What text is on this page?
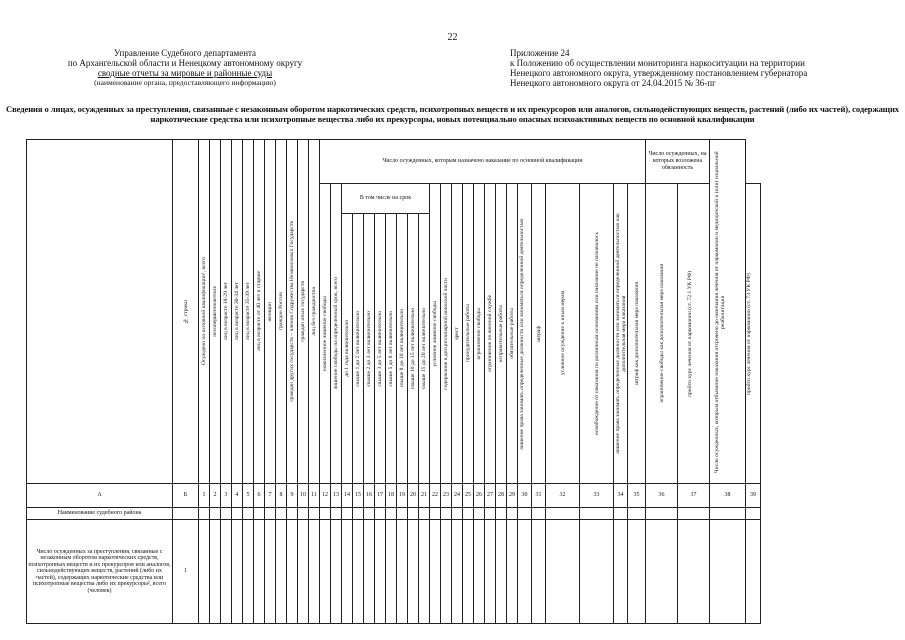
22
Управление Судебного департамента
по Архангельской области и Ненецкому автономному округу
сводные отчеты за мировые и районные суды
(наименование органа, предоставляющего информацию)
Приложение 24
к Положению об осуществлении мониторинга наркоситуации на территории
Ненецкого автономного округа, утвержденному постановлением губернатора
Ненецкого автономного округа от 24.04.2015 № 36-пг
Сведения о лицах, осужденных за преступления, связанные с незаконным оборотом наркотических средств, психотропных веществ и их прекурсоров или аналогов, сильнодействующих веществ, растений (либо их частей), содержащих наркотические средства или психотропные вещества либо их прекурсоры, новых потенциально опасных психоактивных веществ по основной квалификации

	№ строки	Осуждено по основной квалификации¹, всего	несовершеннолетних	лиц в возрасте 18-29 лет	лиц в возрасте 30-34 лет	лиц в возрасте 35-39 лет	лиц в возрасте от 40 лет и старше	женщин	граждан России	граждан других государств – членов Содружества Независимых Государств	граждан иных государств	лиц без гражданства	Число осужденных, которым назначено наказание по основной квалификации																								Число осужденных, на которых возложена обязанность		Число осужденных, которым отбывание наказания отсрочено до окончания лечения от наркомании и медицинской и (или) социальной реабилитации	

													пожизненное лишение свободы	лишение свободы на определенный срок, всего	В том числе на срок								условное лишение свободы	содержание в дисциплинарной воинской части	арест	принудительные работы	ограничение свободы	ограничение по военной службе	исправительные работы	обязательные работы	лишение права занимать определенные должности или заниматься определенной деятельностью	штраф	условное осуждение к иным мерам	освобождение от наказания по различным основаниям или наказание не назначалось	лишение права занимать определенные должности или заниматься определенной деятельностью как дополнительная мера наказания	штраф как дополнительная мера наказания	ограничение свободы как дополнительная мера наказания	пройти курс лечения от наркомании (ст. 72.1 УК РФ)		пройти курс лечения от наркомании (ст. 73 УК РФ)

															до 1 года включительно	свыше 1 до 2 лет включительно	свыше 2 до 3 лет включительно	свыше 3 до 5 лет включительно	свыше 5 до 8 лет включительно	свыше 8 до 10 лет включительно	свыше 10 до 15 лет включительно	свыше 15 до 20 лет включительно																		

А	Б	1	2	3	4	5	6	7	8	9	10	11	12	13	14	15	16	17	18	19	20	21	22	23	24	25	26	27	28	29	30	31	32	33	34	35	36	37	38	39
Наименование судебного района																																								
Число осужденных за преступления, связанные с незаконным оборотом наркотических средств, психотропных веществ и их прекурсоров или аналогов, сильнодействующих веществ, растений (либо их частей), содержащих наркотические средства или психотропные вещества либо их прекурсоры², всего (человек)	1																																							
